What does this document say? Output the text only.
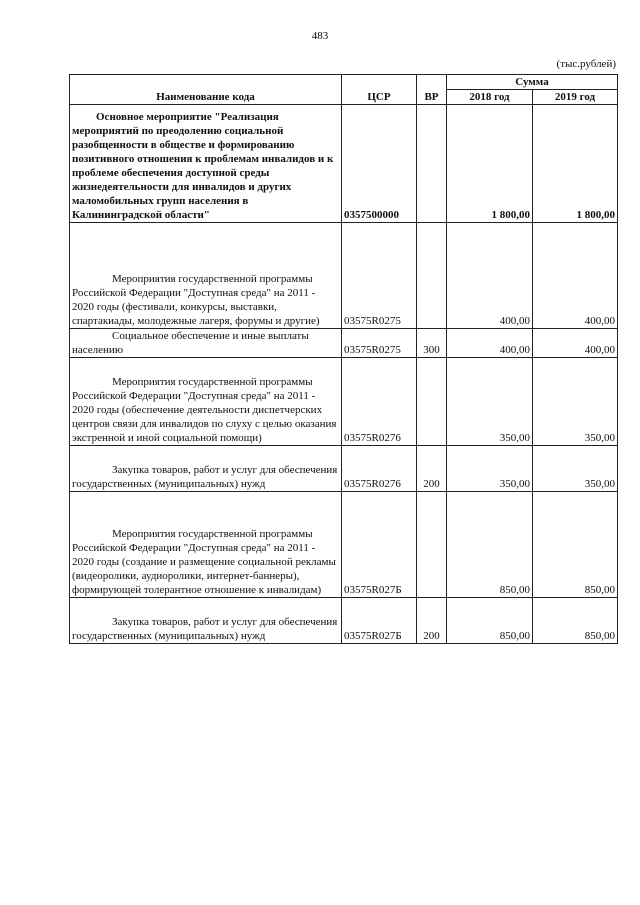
483
(тыс.рублей)
Наименование кода	ЦСР	ВР	Сумма	
			2018 год	2019 год
Основное мероприятие "Реализация мероприятий по преодолению социальной разобщенности в обществе и формированию позитивного отношения к проблемам инвалидов и к проблеме обеспечения доступной среды жизнедеятельности для инвалидов и других маломобильных групп населения в Калининградской области"	0357500000		1 800,00	1 800,00
Мероприятия государственной программы Российской Федерации "Доступная среда" на 2011 - 2020 годы (фестивали, конкурсы, выставки, спартакиады, молодежные лагеря, форумы и другие)	03575R0275		400,00	400,00
Социальное обеспечение и иные выплаты населению	03575R0275	300	400,00	400,00
Мероприятия государственной программы Российской Федерации "Доступная среда" на 2011 - 2020 годы (обеспечение деятельности диспетчерских центров связи для инвалидов по слуху с целью оказания экстренной и иной социальной помощи)	03575R0276		350,00	350,00
Закупка товаров, работ и услуг для обеспечения государственных (муниципальных) нужд	03575R0276	200	350,00	350,00
Мероприятия государственной программы Российской Федерации "Доступная среда" на 2011 - 2020 годы (создание и размещение социальной рекламы (видеоролики, аудиоролики, интернет-баннеры), формирующей толерантное отношение к инвалидам)	03575R027Б		850,00	850,00
Закупка товаров, работ и услуг для обеспечения государственных (муниципальных) нужд	03575R027Б	200	850,00	850,00
